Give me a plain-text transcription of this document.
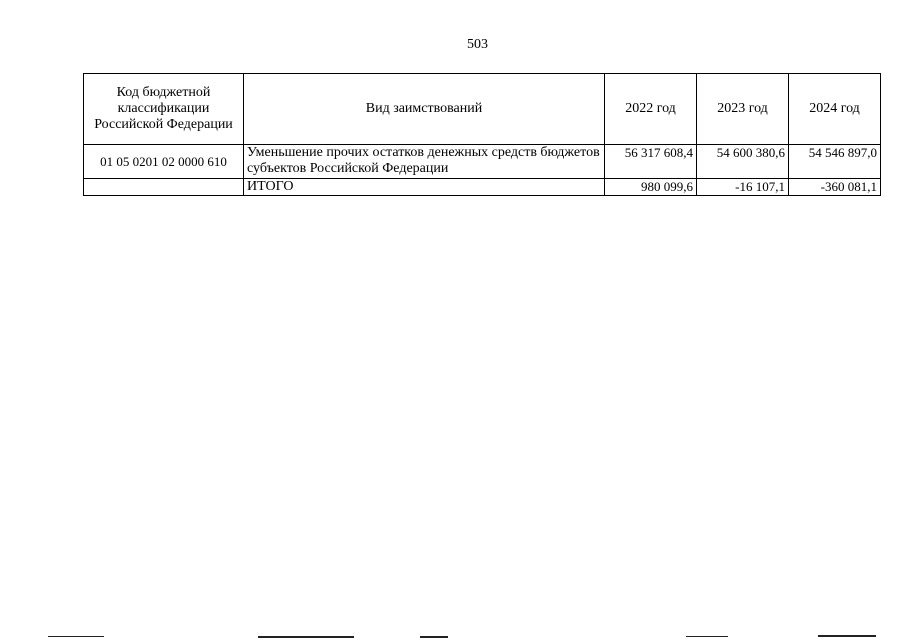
503
Код бюджетной классификации Российской Федерации	Вид заимствований	2022 год	2023 год	2024 год
01 05 0201 02 0000 610	Уменьшение прочих остатков денежных средств бюджетов субъектов Российской Федерации	56 317 608,4	54 600 380,6	54 546 897,0
	ИТОГО	980 099,6	-16 107,1	-360 081,1
